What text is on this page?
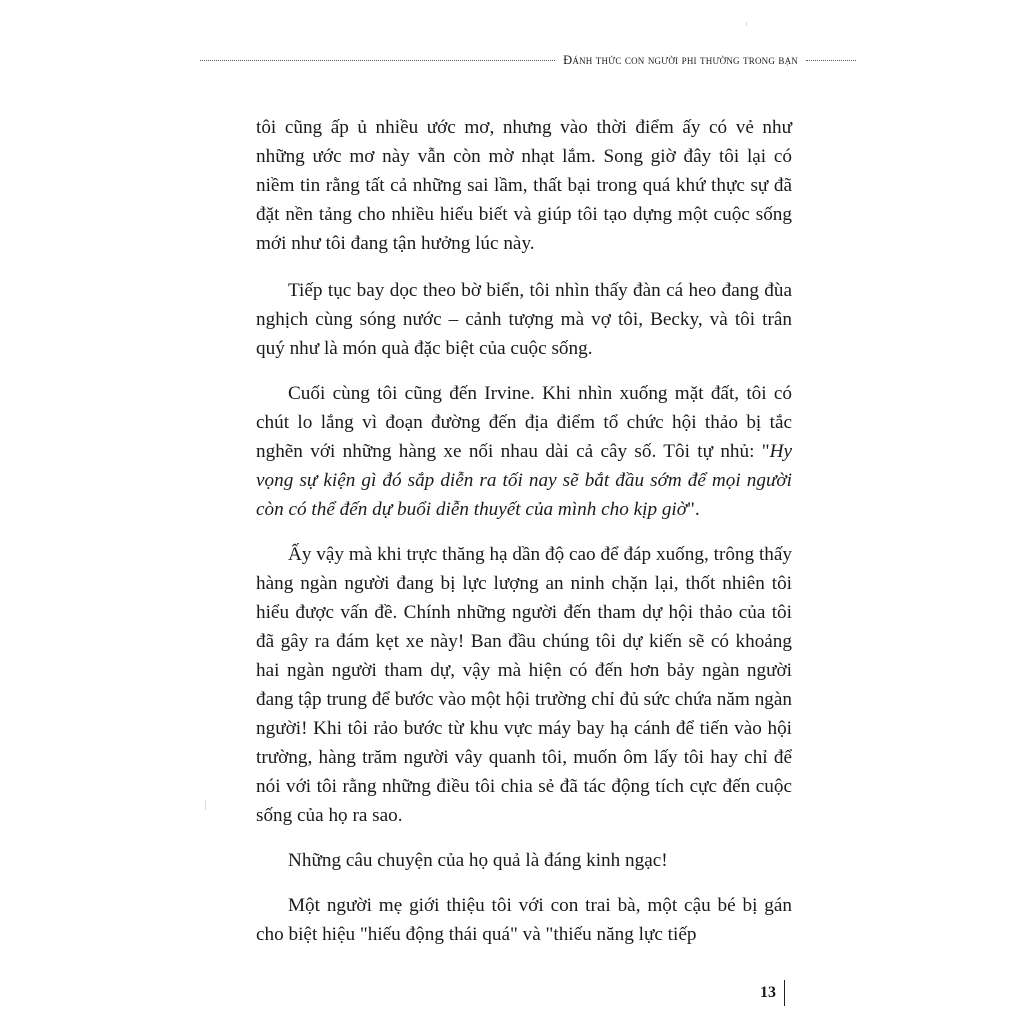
Đánh thức con người phi thường trong bạn

tôi cũng ấp ủ nhiều ước mơ, nhưng vào thời điểm ấy có vẻ như những ước mơ này vẫn còn mờ nhạt lắm. Song giờ đây tôi lại có niềm tin rằng tất cả những sai lầm, thất bại trong quá khứ thực sự đã đặt nền tảng cho nhiều hiểu biết và giúp tôi tạo dựng một cuộc sống mới như tôi đang tận hưởng lúc này.

Tiếp tục bay dọc theo bờ biển, tôi nhìn thấy đàn cá heo đang đùa nghịch cùng sóng nước – cảnh tượng mà vợ tôi, Becky, và tôi trân quý như là món quà đặc biệt của cuộc sống.

Cuối cùng tôi cũng đến Irvine. Khi nhìn xuống mặt đất, tôi có chút lo lắng vì đoạn đường đến địa điểm tổ chức hội thảo bị tắc nghẽn với những hàng xe nối nhau dài cả cây số. Tôi tự nhủ: "Hy vọng sự kiện gì đó sắp diễn ra tối nay sẽ bắt đầu sớm để mọi người còn có thể đến dự buổi diễn thuyết của mình cho kịp giờ".

Ấy vậy mà khi trực thăng hạ dần độ cao để đáp xuống, trông thấy hàng ngàn người đang bị lực lượng an ninh chặn lại, thốt nhiên tôi hiểu được vấn đề. Chính những người đến tham dự hội thảo của tôi đã gây ra đám kẹt xe này! Ban đầu chúng tôi dự kiến sẽ có khoảng hai ngàn người tham dự, vậy mà hiện có đến hơn bảy ngàn người đang tập trung để bước vào một hội trường chỉ đủ sức chứa năm ngàn người! Khi tôi rảo bước từ khu vực máy bay hạ cánh để tiến vào hội trường, hàng trăm người vây quanh tôi, muốn ôm lấy tôi hay chỉ để nói với tôi rằng những điều tôi chia sẻ đã tác động tích cực đến cuộc sống của họ ra sao.

Những câu chuyện của họ quả là đáng kinh ngạc!

Một người mẹ giới thiệu tôi với con trai bà, một cậu bé bị gán cho biệt hiệu "hiếu động thái quá" và "thiếu năng lực tiếp

13
